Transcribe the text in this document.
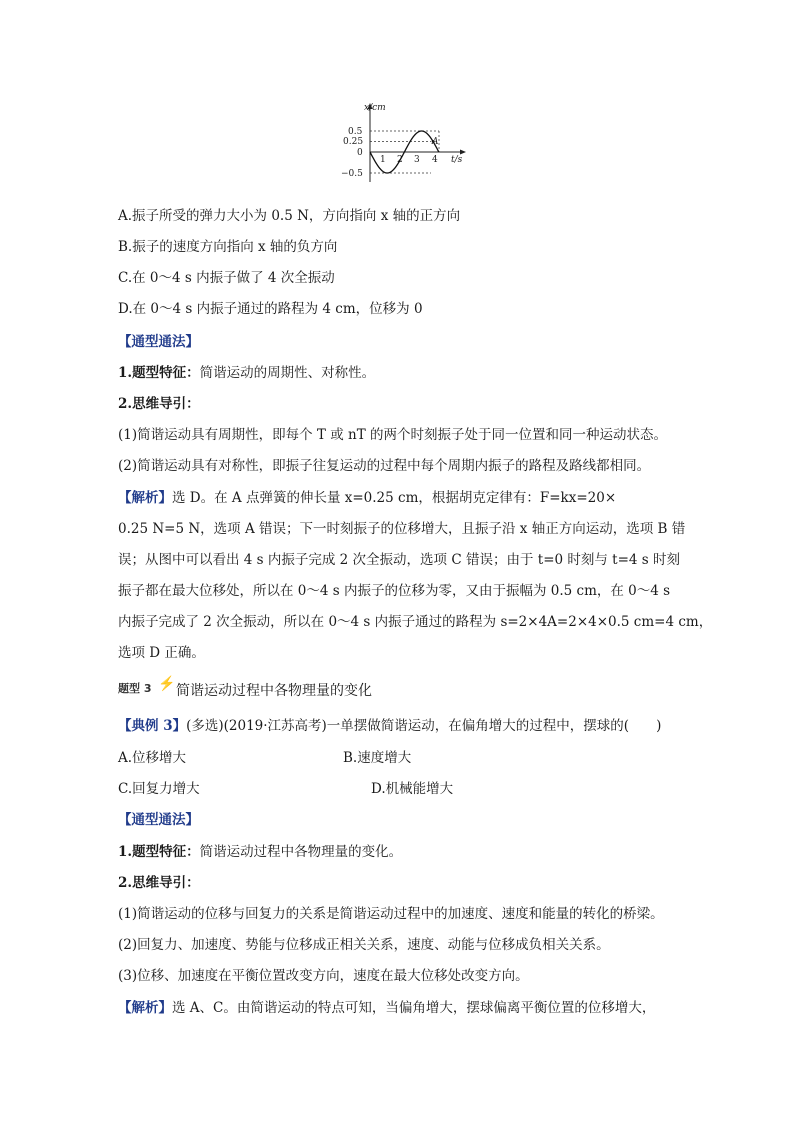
x/cm
t/s
0.5
0.25
0
−0.5
1 2 3 4
A
A.振子所受的弹力大小为 0.5 N，方向指向 x 轴的正方向
B.振子的速度方向指向 x 轴的负方向
C.在 0～4 s 内振子做了 4 次全振动
D.在 0～4 s 内振子通过的路程为 4 cm，位移为 0
【通型通法】
1.题型特征：简谐运动的周期性、对称性。
2.思维导引：
(1)简谐运动具有周期性，即每个 T 或 nT 的两个时刻振子处于同一位置和同一种运动状态。
(2)简谐运动具有对称性，即振子往复运动的过程中每个周期内振子的路程及路线都相同。
【解析】选 D。在 A 点弹簧的伸长量 x=0.25 cm，根据胡克定律有：F=kx=20×
0.25 N=5 N，选项 A 错误；下一时刻振子的位移增大，且振子沿 x 轴正方向运动，选项 B 错
误；从图中可以看出 4 s 内振子完成 2 次全振动，选项 C 错误；由于 t=0 时刻与 t=4 s 时刻
振子都在最大位移处，所以在 0～4 s 内振子的位移为零，又由于振幅为 0.5 cm，在 0～4 s
内振子完成了 2 次全振动，所以在 0～4 s 内振子通过的路程为 s=2×4A=2×4×0.5 cm=4 cm，
选项 D 正确。
题型 3 ⚡ 简谐运动过程中各物理量的变化
【典例 3】(多选)(2019·江苏高考)一单摆做简谐运动，在偏角增大的过程中，摆球的(　　)
A.位移增大	B.速度增大
C.回复力增大	D.机械能增大
【通型通法】
1.题型特征：简谐运动过程中各物理量的变化。
2.思维导引：
(1)简谐运动的位移与回复力的关系是简谐运动过程中的加速度、速度和能量的转化的桥梁。
(2)回复力、加速度、势能与位移成正相关关系，速度、动能与位移成负相关关系。
(3)位移、加速度在平衡位置改变方向，速度在最大位移处改变方向。
【解析】选 A、C。由简谐运动的特点可知，当偏角增大，摆球偏离平衡位置的位移增大，
